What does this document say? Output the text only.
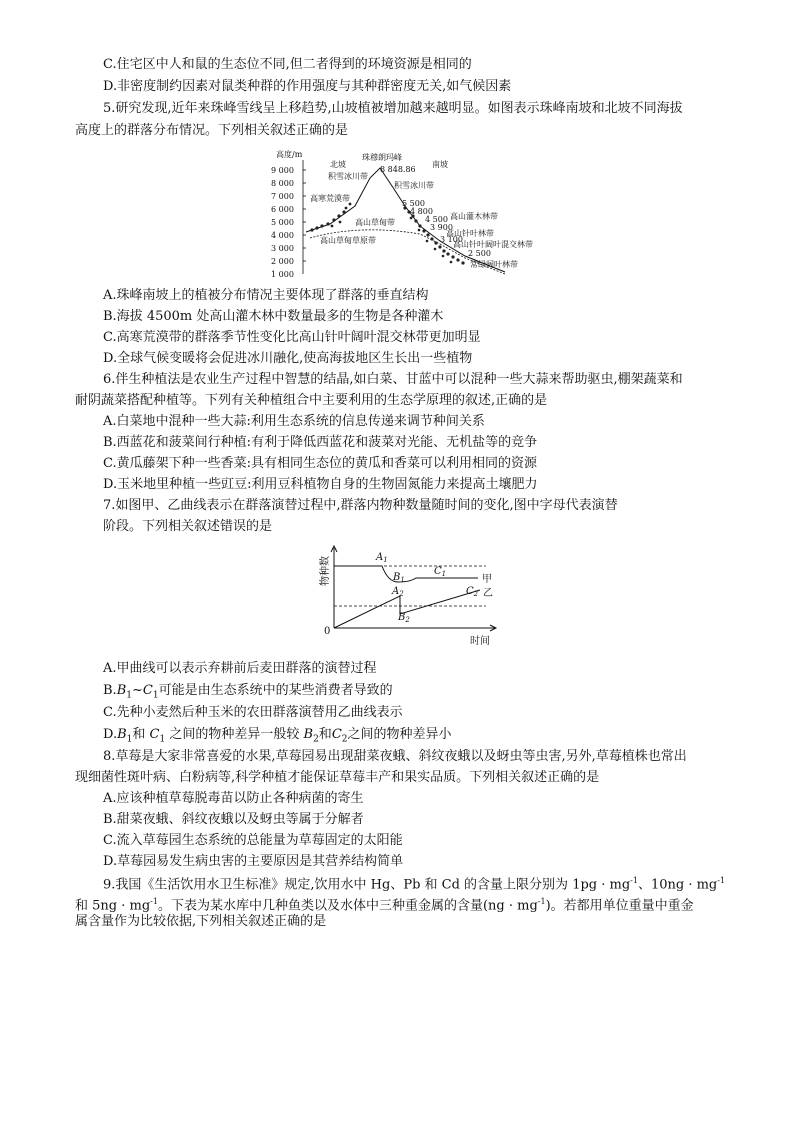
C.住宅区中人和鼠的生态位不同,但二者得到的环境资源是相同的
D.非密度制约因素对鼠类种群的作用强度与其种群密度无关,如气候因素
5.研究发现,近年来珠峰雪线呈上移趋势,山坡植被增加越来越明显。如图表示珠峰南坡和北坡不同海拔
高度上的群落分布情况。下列相关叙述正确的是
高度/m
9 000
8 000
7 000
6 000
5 000
4 000
3 000
2 000
1 000
北坡
珠穆朗玛峰
8 848.86
南坡
积雪冰川带
积雪冰川带
高寒荒漠带
高山草甸带
高山草甸草原带
5 500
4 800
4 500 高山灌木林带
3 900
高山针叶林带
3 100
高山针叶阔叶混交林带
2 500
常绿阔叶林带
A.珠峰南坡上的植被分布情况主要体现了群落的垂直结构
B.海拔 4500m 处高山灌木林中数量最多的生物是各种灌木
C.高寒荒漠带的群落季节性变化比高山针叶阔叶混交林带更加明显
D.全球气候变暖将会促进冰川融化,使高海拔地区生长出一些植物
6.伴生种植法是农业生产过程中智慧的结晶,如白菜、甘蓝中可以混种一些大蒜来帮助驱虫,棚架蔬菜和
耐阴蔬菜搭配种植等。下列有关种植组合中主要利用的生态学原理的叙述,正确的是
A.白菜地中混种一些大蒜:利用生态系统的信息传递来调节种间关系
B.西蓝花和菠菜间行种植:有利于降低西蓝花和菠菜对光能、无机盐等的竞争
C.黄瓜藤架下种一些香菜:具有相同生态位的黄瓜和香菜可以利用相同的资源
D.玉米地里种植一些豇豆:利用豆科植物自身的生物固氮能力来提高土壤肥力
7.如图甲、乙曲线表示在群落演替过程中,群落内物种数量随时间的变化,图中字母代表演替
阶段。下列相关叙述错误的是
0
$A_1$
$B_1$
$C_1$
$A_2$
$B_2$
$C_2$
甲
乙
时间
物种数
A.甲曲线可以表示弃耕前后麦田群落的演替过程
$B.B_1\sim C_1$可能是由生态系统中的某些消费者导致的
C.先种小麦然后种玉米的农田群落演替用乙曲线表示
$D.B_1$和 $C_1$ 之间的物种差异一般较 $B_2$和$C_2$之间的物种差异小
8.草莓是大家非常喜爱的水果,草莓园易出现甜菜夜蛾、斜纹夜蛾以及蚜虫等虫害,另外,草莓植株也常出
现细菌性斑叶病、白粉病等,科学种植才能保证草莓丰产和果实品质。下列相关叙述正确的是
A.应该种植草莓脱毒苗以防止各种病菌的寄生
B.甜菜夜蛾、斜纹夜蛾以及蚜虫等属于分解者
C.流入草莓园生态系统的总能量为草莓固定的太阳能
D.草莓园易发生病虫害的主要原因是其营养结构简单
9.我国《生活饮用水卫生标准》规定,饮用水中 Hg、Pb 和 Cd 的含量上限分别为 $1pg \cdot mg^{-1}$、$10ng \cdot mg^{-1}$
和 $5ng \cdot mg^{-1}$。下表为某水库中几种鱼类以及水体中三种重金属的含量$(ng \cdot mg^{-1})$。若都用单位重量中重金
属含量作为比较依据,下列相关叙述正确的是
